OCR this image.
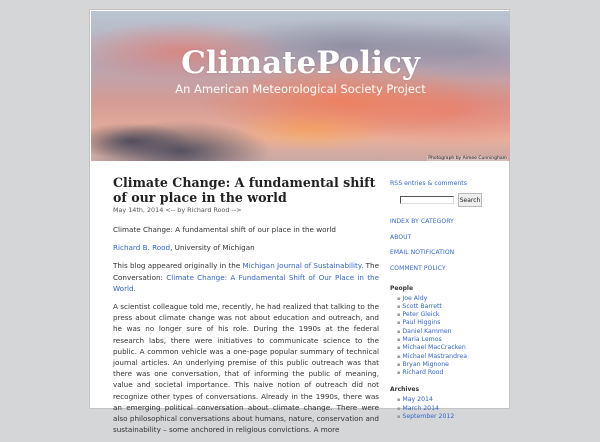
ClimatePolicy
An American Meteorological Society Project
Photograph by Aimee Cunningham
Climate Change: A fundamental shift of our place in the world
May 14th, 2014 <-- by Richard Rood -->

Climate Change: A fundamental shift of our place in the world

Richard B. Rood, University of Michigan

This blog appeared originally in the Michigan Journal of Sustainability. The Conversation: Climate Change: A Fundamental Shift of Our Place in the World.

A scientist colleague told me, recently, he had realized that talking to the press about climate change was not about education and outreach, and he was no longer sure of his role. During the 1990s at the federal research labs, there were initiatives to communicate science to the public. A common vehicle was a one-page popular summary of technical journal articles. An underlying premise of this public outreach was that there was one conversation, that of informing the public of meaning, value and societal importance. This naive notion of outreach did not recognize other types of conversations. Already in the 1990s, there was an emerging political conversation about climate change. There were also philosophical conversations about humans, nature, conservation and sustainability – some anchored in religious convictions. A more

RSS entries & comments
Search
INDEX BY CATEGORY
ABOUT
EMAIL NOTIFICATION
COMMENT POLICY
People
▪ Joe Aldy
▪ Scott Barrett
▪ Peter Gleick
▪ Paul Higgins
▪ Daniel Kammen
▪ Maria Lemos
▪ Michael MacCracken
▪ Michael Mastrandrea
▪ Bryan Mignone
▪ Richard Rood
Archives
▪ May 2014
▪ March 2014
▪ September 2012
